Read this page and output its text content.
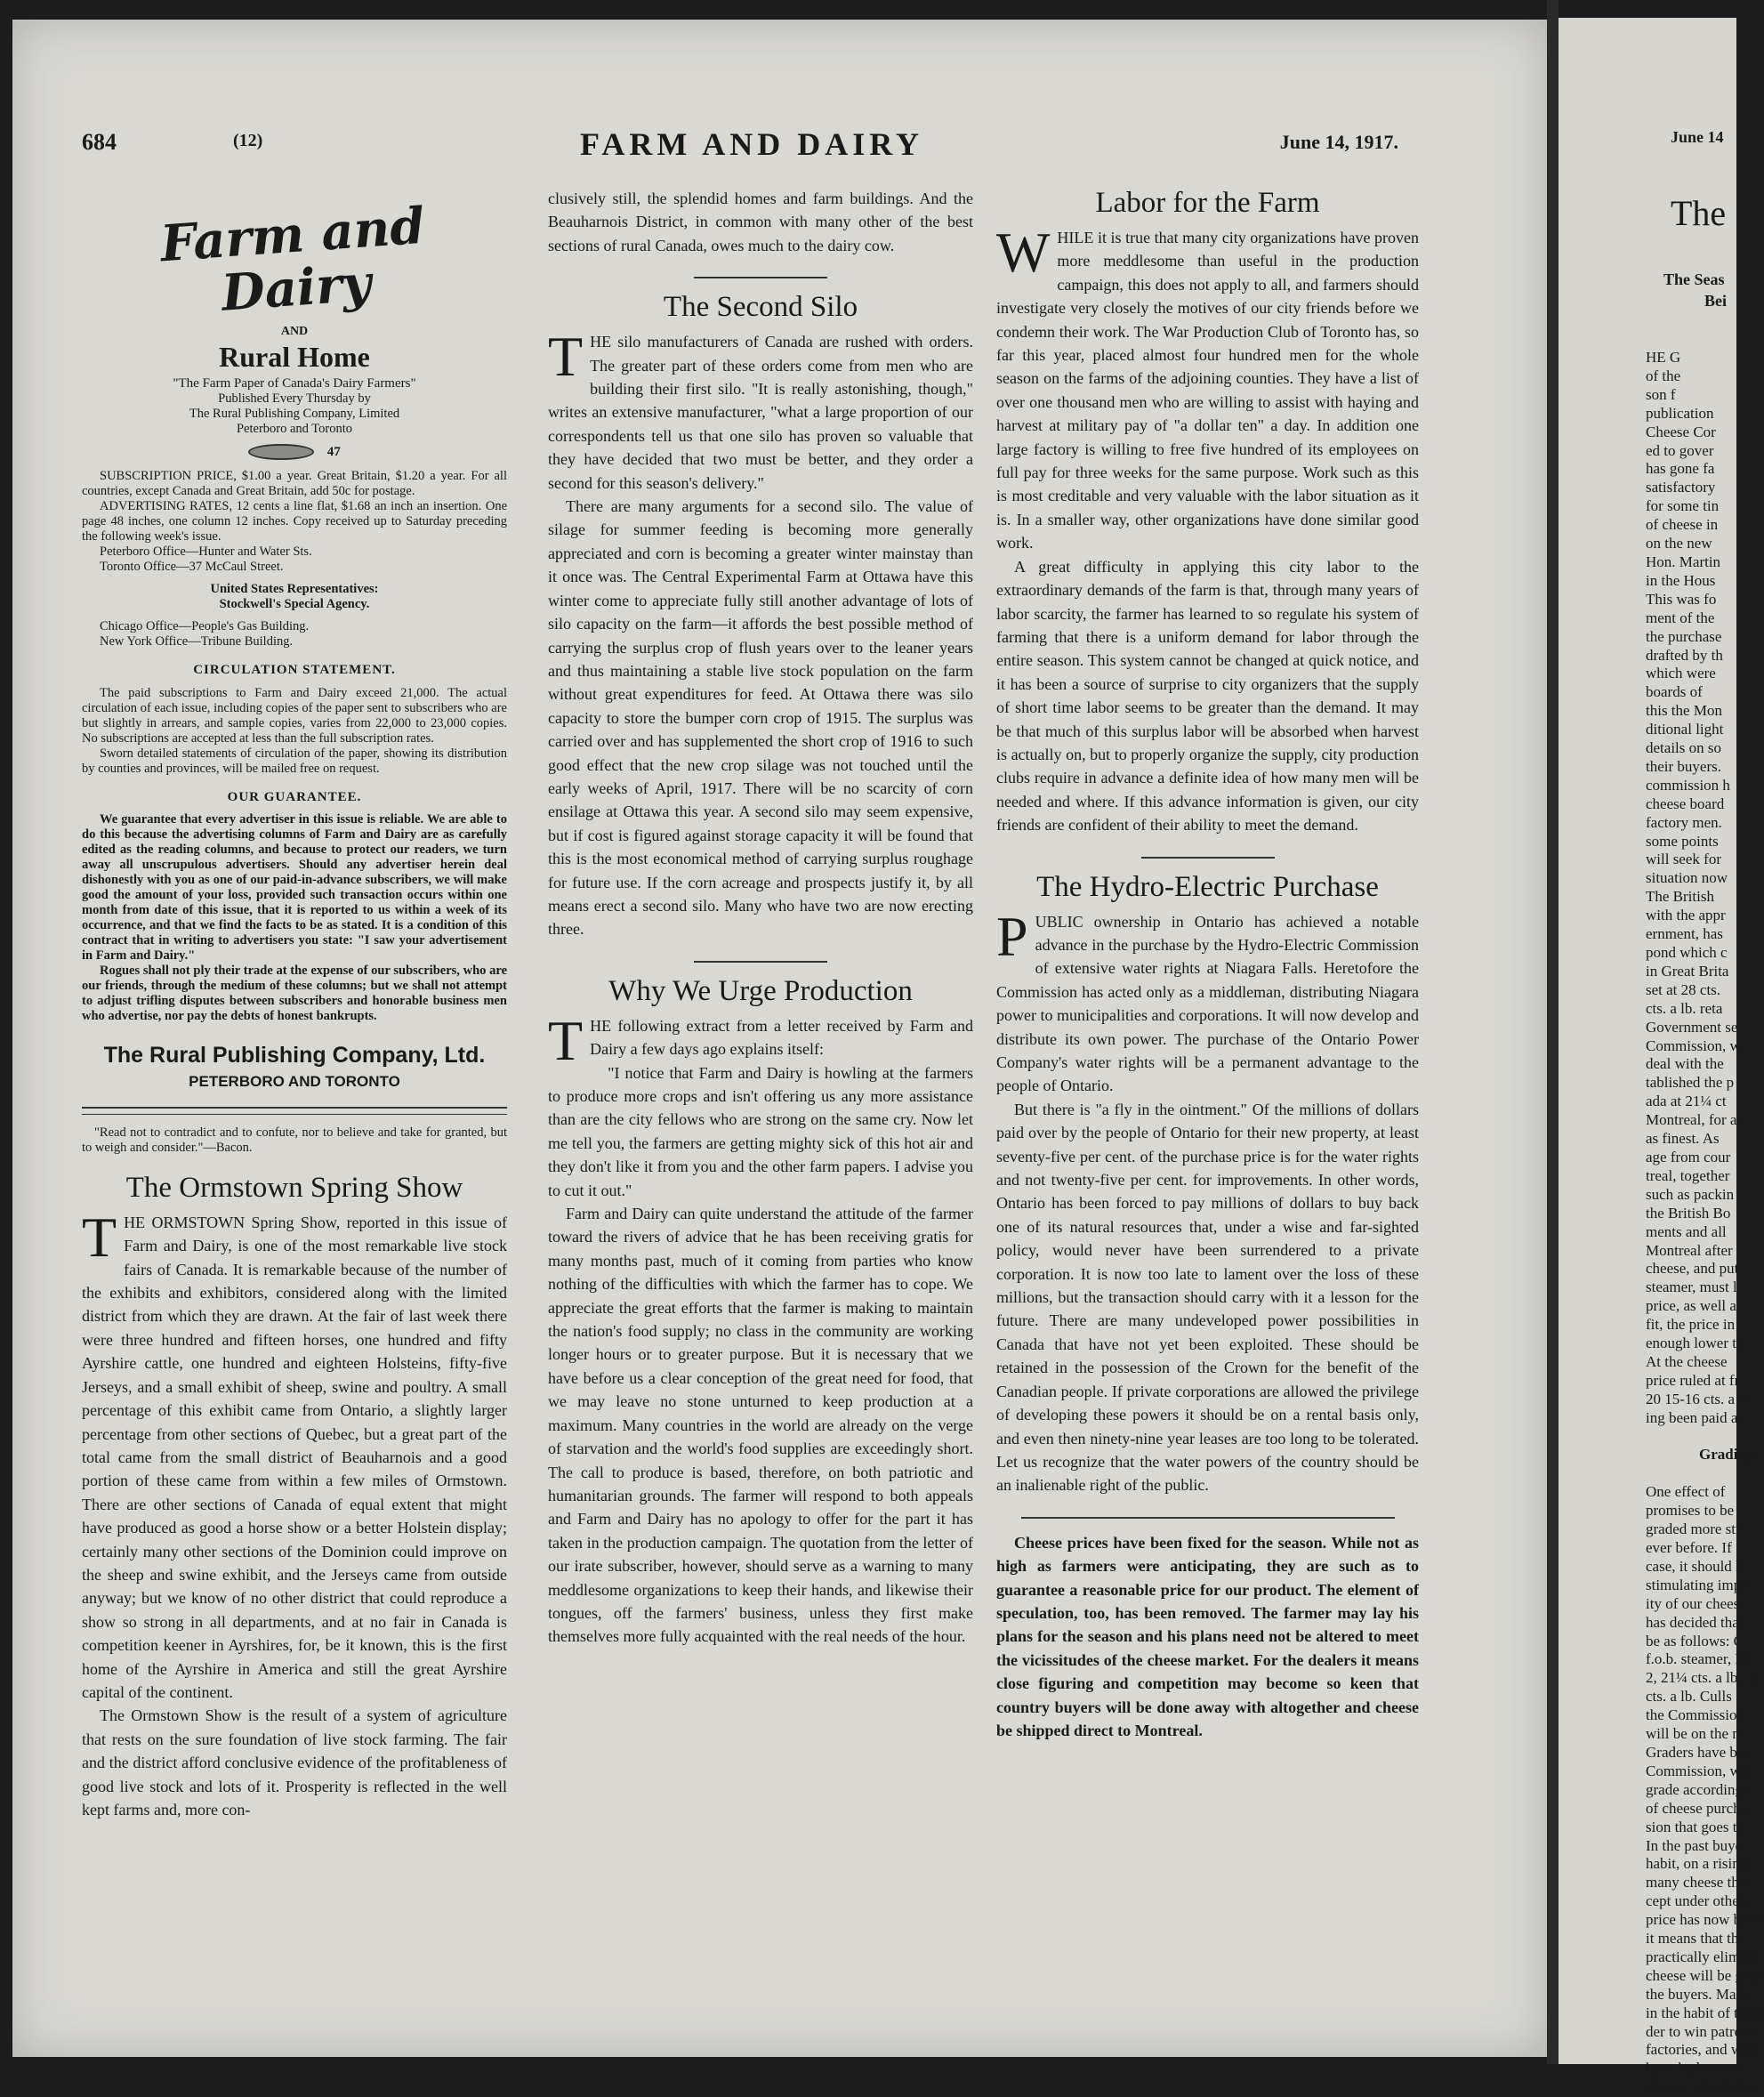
684	(12)	FARM AND DAIRY	June 14, 1917.
Farm and Dairy
AND
Rural Home
"The Farm Paper of Canada's Dairy Farmers"
Published Every Thursday by
The Rural Publishing Company, Limited
Peterboro and Toronto
47

SUBSCRIPTION PRICE, $1.00 a year. Great Britain, $1.20 a year. For all countries, except Canada and Great Britain, add 50c for postage.

ADVERTISING RATES, 12 cents a line flat, $1.68 an inch an insertion. One page 48 inches, one column 12 inches. Copy received up to Saturday preceding the following week's issue.

Peterboro Office—Hunter and Water Sts.

Toronto Office—37 McCaul Street.

United States Representatives:
Stockwell's Special Agency.

Chicago Office—People's Gas Building.

New York Office—Tribune Building.

CIRCULATION STATEMENT.

The paid subscriptions to Farm and Dairy exceed 21,000. The actual circulation of each issue, including copies of the paper sent to subscribers who are but slightly in arrears, and sample copies, varies from 22,000 to 23,000 copies. No subscriptions are accepted at less than the full subscription rates.

Sworn detailed statements of circulation of the paper, showing its distribution by counties and provinces, will be mailed free on request.

OUR GUARANTEE.

We guarantee that every advertiser in this issue is reliable. We are able to do this because the advertising columns of Farm and Dairy are as carefully edited as the reading columns, and because to protect our readers, we turn away all unscrupulous advertisers. Should any advertiser herein deal dishonestly with you as one of our paid-in-advance subscribers, we will make good the amount of your loss, provided such transaction occurs within one month from date of this issue, that it is reported to us within a week of its occurrence, and that we find the facts to be as stated. It is a condition of this contract that in writing to advertisers you state: "I saw your advertisement in Farm and Dairy."

Rogues shall not ply their trade at the expense of our subscribers, who are our friends, through the medium of these columns; but we shall not attempt to adjust trifling disputes between subscribers and honorable business men who advertise, nor pay the debts of honest bankrupts.

The Rural Publishing Company, Ltd.
PETERBORO AND TORONTO

"Read not to contradict and to confute, nor to believe and take for granted, but to weigh and consider."—Bacon.

The Ormstown Spring Show

THE ORMSTOWN Spring Show, reported in this issue of Farm and Dairy, is one of the most remarkable live stock fairs of Canada. It is remarkable because of the number of the exhibits and exhibitors, considered along with the limited district from which they are drawn. At the fair of last week there were three hundred and fifteen horses, one hundred and fifty Ayrshire cattle, one hundred and eighteen Holsteins, fifty-five Jerseys, and a small exhibit of sheep, swine and poultry. A small percentage of this exhibit came from Ontario, a slightly larger percentage from other sections of Quebec, but a great part of the total came from the small district of Beauharnois and a good portion of these came from within a few miles of Ormstown. There are other sections of Canada of equal extent that might have produced as good a horse show or a better Holstein display; certainly many other sections of the Dominion could improve on the sheep and swine exhibit, and the Jerseys came from outside anyway; but we know of no other district that could reproduce a show so strong in all departments, and at no fair in Canada is competition keener in Ayrshires, for, be it known, this is the first home of the Ayrshire in America and still the great Ayrshire capital of the continent.

The Ormstown Show is the result of a system of agriculture that rests on the sure foundation of live stock farming. The fair and the district afford conclusive evidence of the profitableness of good live stock and lots of it. Prosperity is reflected in the well kept farms and, more con-

clusively still, the splendid homes and farm buildings. And the Beauharnois District, in common with many other of the best sections of rural Canada, owes much to the dairy cow.

The Second Silo

THE silo manufacturers of Canada are rushed with orders. The greater part of these orders come from men who are building their first silo. "It is really astonishing, though," writes an extensive manufacturer, "what a large proportion of our correspondents tell us that one silo has proven so valuable that they have decided that two must be better, and they order a second for this season's delivery."

There are many arguments for a second silo. The value of silage for summer feeding is becoming more generally appreciated and corn is becoming a greater winter mainstay than it once was. The Central Experimental Farm at Ottawa have this winter come to appreciate fully still another advantage of lots of silo capacity on the farm—it affords the best possible method of carrying the surplus crop of flush years over to the leaner years and thus maintaining a stable live stock population on the farm without great expenditures for feed. At Ottawa there was silo capacity to store the bumper corn crop of 1915. The surplus was carried over and has supplemented the short crop of 1916 to such good effect that the new crop silage was not touched until the early weeks of April, 1917. There will be no scarcity of corn ensilage at Ottawa this year. A second silo may seem expensive, but if cost is figured against storage capacity it will be found that this is the most economical method of carrying surplus roughage for future use. If the corn acreage and prospects justify it, by all means erect a second silo. Many who have two are now erecting three.

Why We Urge Production

THE following extract from a letter received by Farm and Dairy a few days ago explains itself:

"I notice that Farm and Dairy is howling at the farmers to produce more crops and isn't offering us any more assistance than are the city fellows who are strong on the same cry. Now let me tell you, the farmers are getting mighty sick of this hot air and they don't like it from you and the other farm papers. I advise you to cut it out."

Farm and Dairy can quite understand the attitude of the farmer toward the rivers of advice that he has been receiving gratis for many months past, much of it coming from parties who know nothing of the difficulties with which the farmer has to cope. We appreciate the great efforts that the farmer is making to maintain the nation's food supply; no class in the community are working longer hours or to greater purpose. But it is necessary that we have before us a clear conception of the great need for food, that we may leave no stone unturned to keep production at a maximum. Many countries in the world are already on the verge of starvation and the world's food supplies are exceedingly short. The call to produce is based, therefore, on both patriotic and humanitarian grounds. The farmer will respond to both appeals and Farm and Dairy has no apology to offer for the part it has taken in the production campaign. The quotation from the letter of our irate subscriber, however, should serve as a warning to many meddlesome organizations to keep their hands, and likewise their tongues, off the farmers' business, unless they first make themselves more fully acquainted with the real needs of the hour.

Labor for the Farm

WHILE it is true that many city organizations have proven more meddlesome than useful in the production campaign, this does not apply to all, and farmers should investigate very closely the motives of our city friends before we condemn their work. The War Production Club of Toronto has, so far this year, placed almost four hundred men for the whole season on the farms of the adjoining counties. They have a list of over one thousand men who are willing to assist with haying and harvest at military pay of "a dollar ten" a day. In addition one large factory is willing to free five hundred of its employees on full pay for three weeks for the same purpose. Work such as this is most creditable and very valuable with the labor situation as it is. In a smaller way, other organizations have done similar good work.

A great difficulty in applying this city labor to the extraordinary demands of the farm is that, through many years of labor scarcity, the farmer has learned to so regulate his system of farming that there is a uniform demand for labor through the entire season. This system cannot be changed at quick notice, and it has been a source of surprise to city organizers that the supply of short time labor seems to be greater than the demand. It may be that much of this surplus labor will be absorbed when harvest is actually on, but to properly organize the supply, city production clubs require in advance a definite idea of how many men will be needed and where. If this advance information is given, our city friends are confident of their ability to meet the demand.

The Hydro-Electric Purchase

PUBLIC ownership in Ontario has achieved a notable advance in the purchase by the Hydro-Electric Commission of extensive water rights at Niagara Falls. Heretofore the Commission has acted only as a middleman, distributing Niagara power to municipalities and corporations. It will now develop and distribute its own power. The purchase of the Ontario Power Company's water rights will be a permanent advantage to the people of Ontario.

But there is "a fly in the ointment." Of the millions of dollars paid over by the people of Ontario for their new property, at least seventy-five per cent. of the purchase price is for the water rights and not twenty-five per cent. for improvements. In other words, Ontario has been forced to pay millions of dollars to buy back one of its natural resources that, under a wise and far-sighted policy, would never have been surrendered to a private corporation. It is now too late to lament over the loss of these millions, but the transaction should carry with it a lesson for the future. There are many undeveloped power possibilities in Canada that have not yet been exploited. These should be retained in the possession of the Crown for the benefit of the Canadian people. If private corporations are allowed the privilege of developing these powers it should be on a rental basis only, and even then ninety-nine year leases are too long to be tolerated. Let us recognize that the water powers of the country should be an inalienable right of the public.

Cheese prices have been fixed for the season. While not as high as farmers were anticipating, they are such as to guarantee a reasonable price for our product. The element of speculation, too, has been removed. The farmer may lay his plans for the season and his plans need not be altered to meet the vicissitudes of the cheese market. For the dealers it means close figuring and competition may become so keen that country buyers will be done away with altogether and cheese be shipped direct to Montreal.

June 14
The
The Seas
Bei
HE G
of the
son f
publication
Cheese Cor
ed to gover
has gone fa
satisfactory
for some tin
of cheese in
on the new
Hon. Martin
in the Hous
This was fo
ment of the
the purchase
drafted by th
which were
boards of
this the Mon
ditional light
details on so
their buyers.
commission h
cheese board
factory men.
some points
will seek for
situation now
The British
with the appr
ernment, has
pond which c
in Great Brita
set at 28 cts.
cts. a lb. reta
Government se
Commission, w
deal with the
tablished the p
ada at 21¼ ct
Montreal, for al
as finest. As
age from cour
treal, together
such as packin
the British Bo
ments and all
Montreal after
cheese, and put
steamer, must l
price, as well a
fit, the price in
enough lower to
At the cheese
price ruled at fr
20 15-16 cts. a lb.
ing been paid at

Grading

One effect of
promises to be
graded more str
ever before. If
case, it should h
stimulating impro
ity of our cheese
has decided that
be as follows: C
f.o.b. steamer, M
2, 21¼ cts. a lb., a
cts. a lb. Culls
the Commission,
will be on the m
Graders have bee
Commission, who
grade according t
of cheese purchas
sion that goes to
In the past buye
habit, on a rising
many cheese that
cept under other c
price has now been
it means that thi
practically elimina
cheese will be grad
the buyers. Make
in the habit of takin
der to win patrons
factories, and who
have had to turn
cheese, which they
